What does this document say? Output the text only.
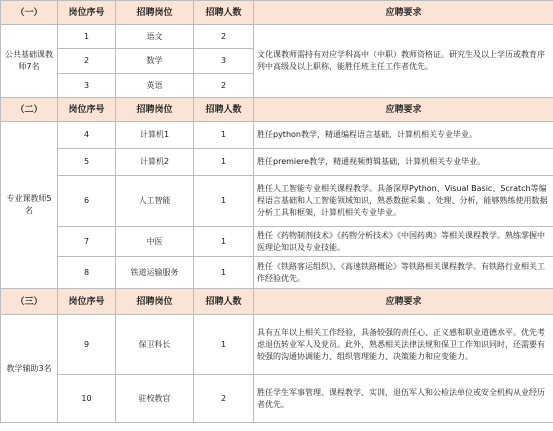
（一）	岗位序号	招聘岗位	招聘人数	应聘要求
公共基础课教师7名	1	语文	2	文化课教师需持有对应学科高中（中职）教师资格证。研究生及以上学历或教育序列中高级及以上职称，能胜任班主任工作者优先。
	2	数学	3	
	3	英语	2	
（二）	岗位序号	招聘岗位	招聘人数	应聘要求
专业课教师5名	4	计算机1	1	胜任python教学，精通编程语言基础，计算机相关专业毕业。
	5	计算机2	1	胜任premiere教学，精通视频剪辑基础，计算机相关专业毕业。
	6	人工智能	1	胜任人工智能专业相关课程教学。具备深厚Python、Visual Basic、Scratch等编程语言基础和人工智能领域知识，熟悉数据采集 、处理、分析，能够熟练使用数据分析工具和框架，计算机相关专业毕业。
	7	中医	1	胜任《药物制剂技术》《药物分析技术》《中国药典》等相关课程教学。熟练掌握中医理论知识及专业技能。
	8	铁道运输服务	1	胜任《铁路客运组织》、《高速铁路概论》等铁路相关课程教学。有铁路行业相关工作经验优先。
（三）	岗位序号	招聘岗位	招聘人数	应聘要求
教学辅助3名	9	保卫科长	1	具有五年以上相关工作经验，具备较强的责任心、正义感和职业道德水平。优先考虑退伍转业军人及党员。此外，熟悉相关法律法规和保卫工作知识同时，还需要有较强的沟通协调能力、组织管理能力、决策能力和应变能力。
	10	驻校教官	2	胜任学生军事管理、课程教学、实训，退伍军人和公检法单位或安全机构从业经历者优先。
